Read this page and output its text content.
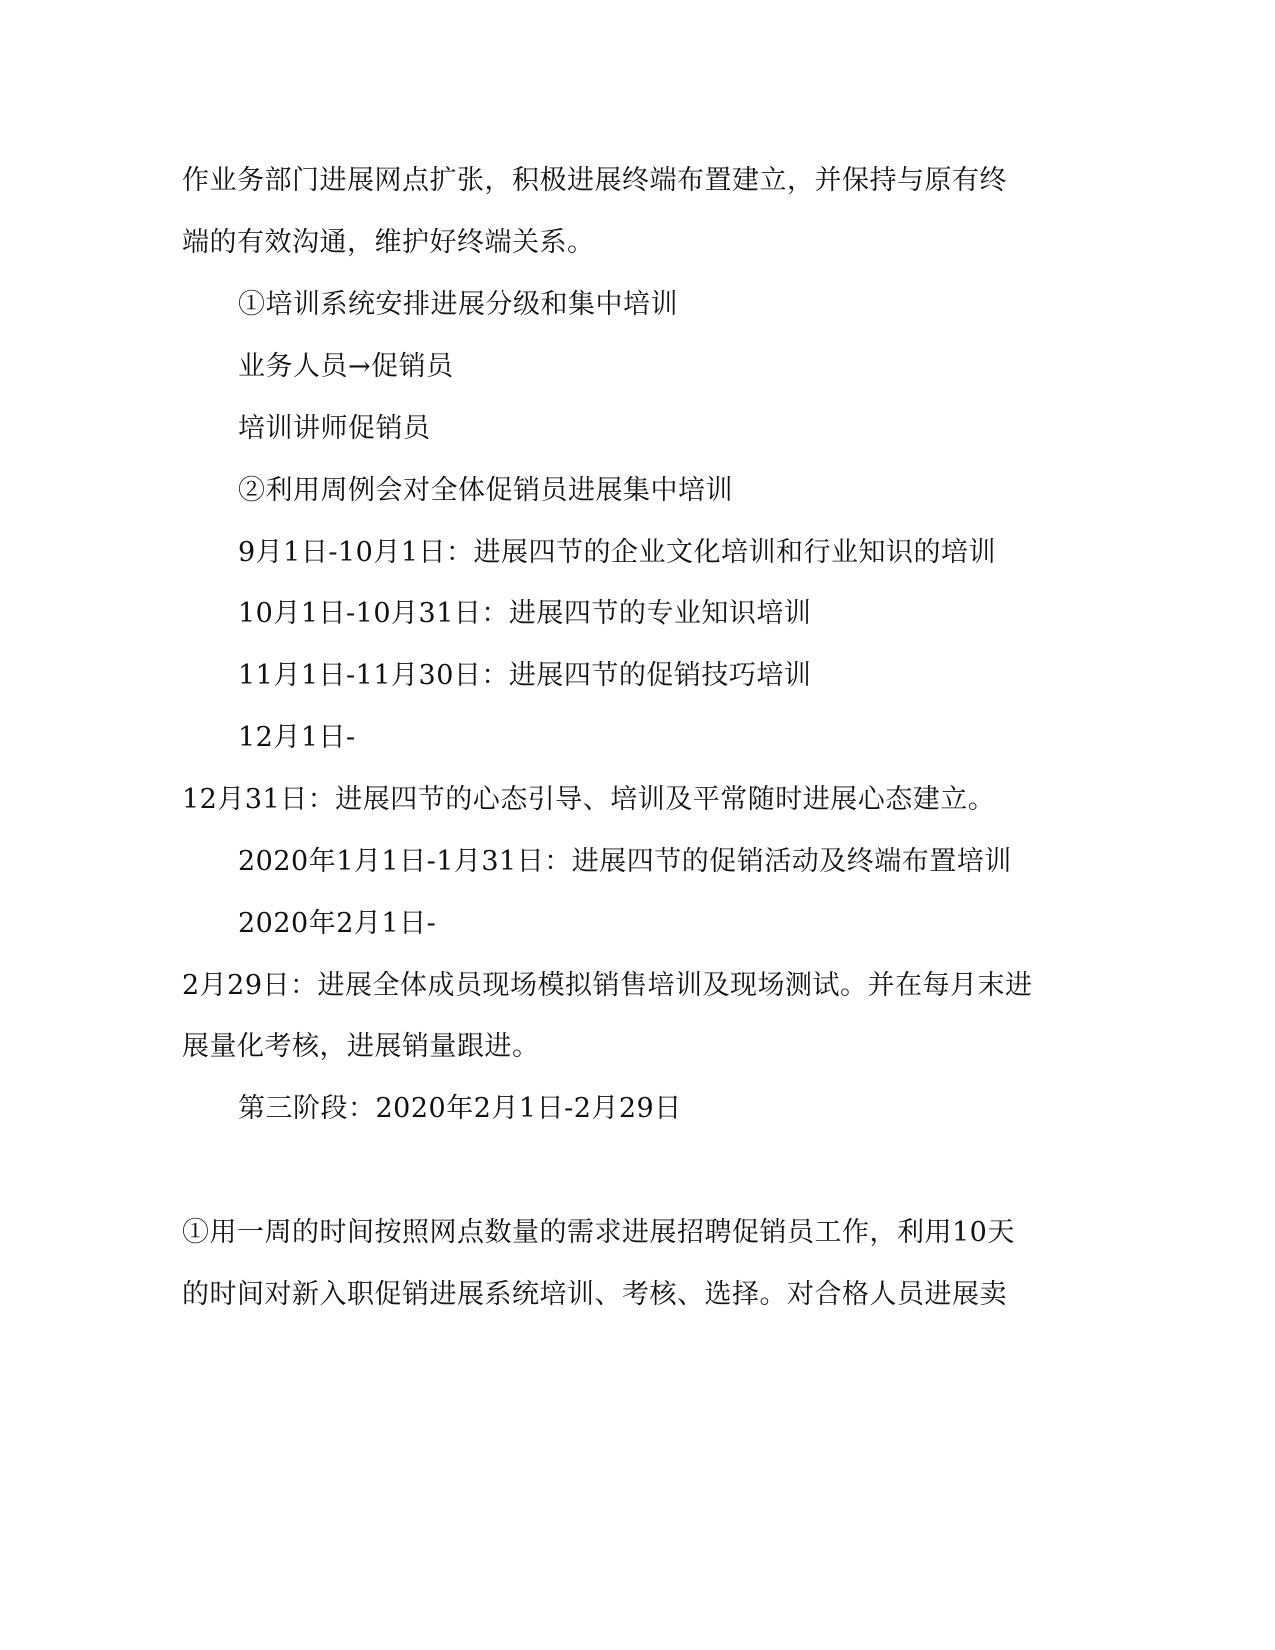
作业务部门进展网点扩张，积极进展终端布置建立，并保持与原有终
端的有效沟通，维护好终端关系。
①培训系统安排进展分级和集中培训
业务人员→促销员
培训讲师促销员
②利用周例会对全体促销员进展集中培训
9月1日-10月1日：进展四节的企业文化培训和行业知识的培训
10月1日-10月31日：进展四节的专业知识培训
11月1日-11月30日：进展四节的促销技巧培训
12月1日-
12月31日：进展四节的心态引导、培训及平常随时进展心态建立。
2020年1月1日-1月31日：进展四节的促销活动及终端布置培训
2020年2月1日-
2月29日：进展全体成员现场模拟销售培训及现场测试。并在每月末进
展量化考核，进展销量跟进。
第三阶段：2020年2月1日-2月29日
①用一周的时间按照网点数量的需求进展招聘促销员工作，利用10天
的时间对新入职促销进展系统培训、考核、选择。对合格人员进展卖
